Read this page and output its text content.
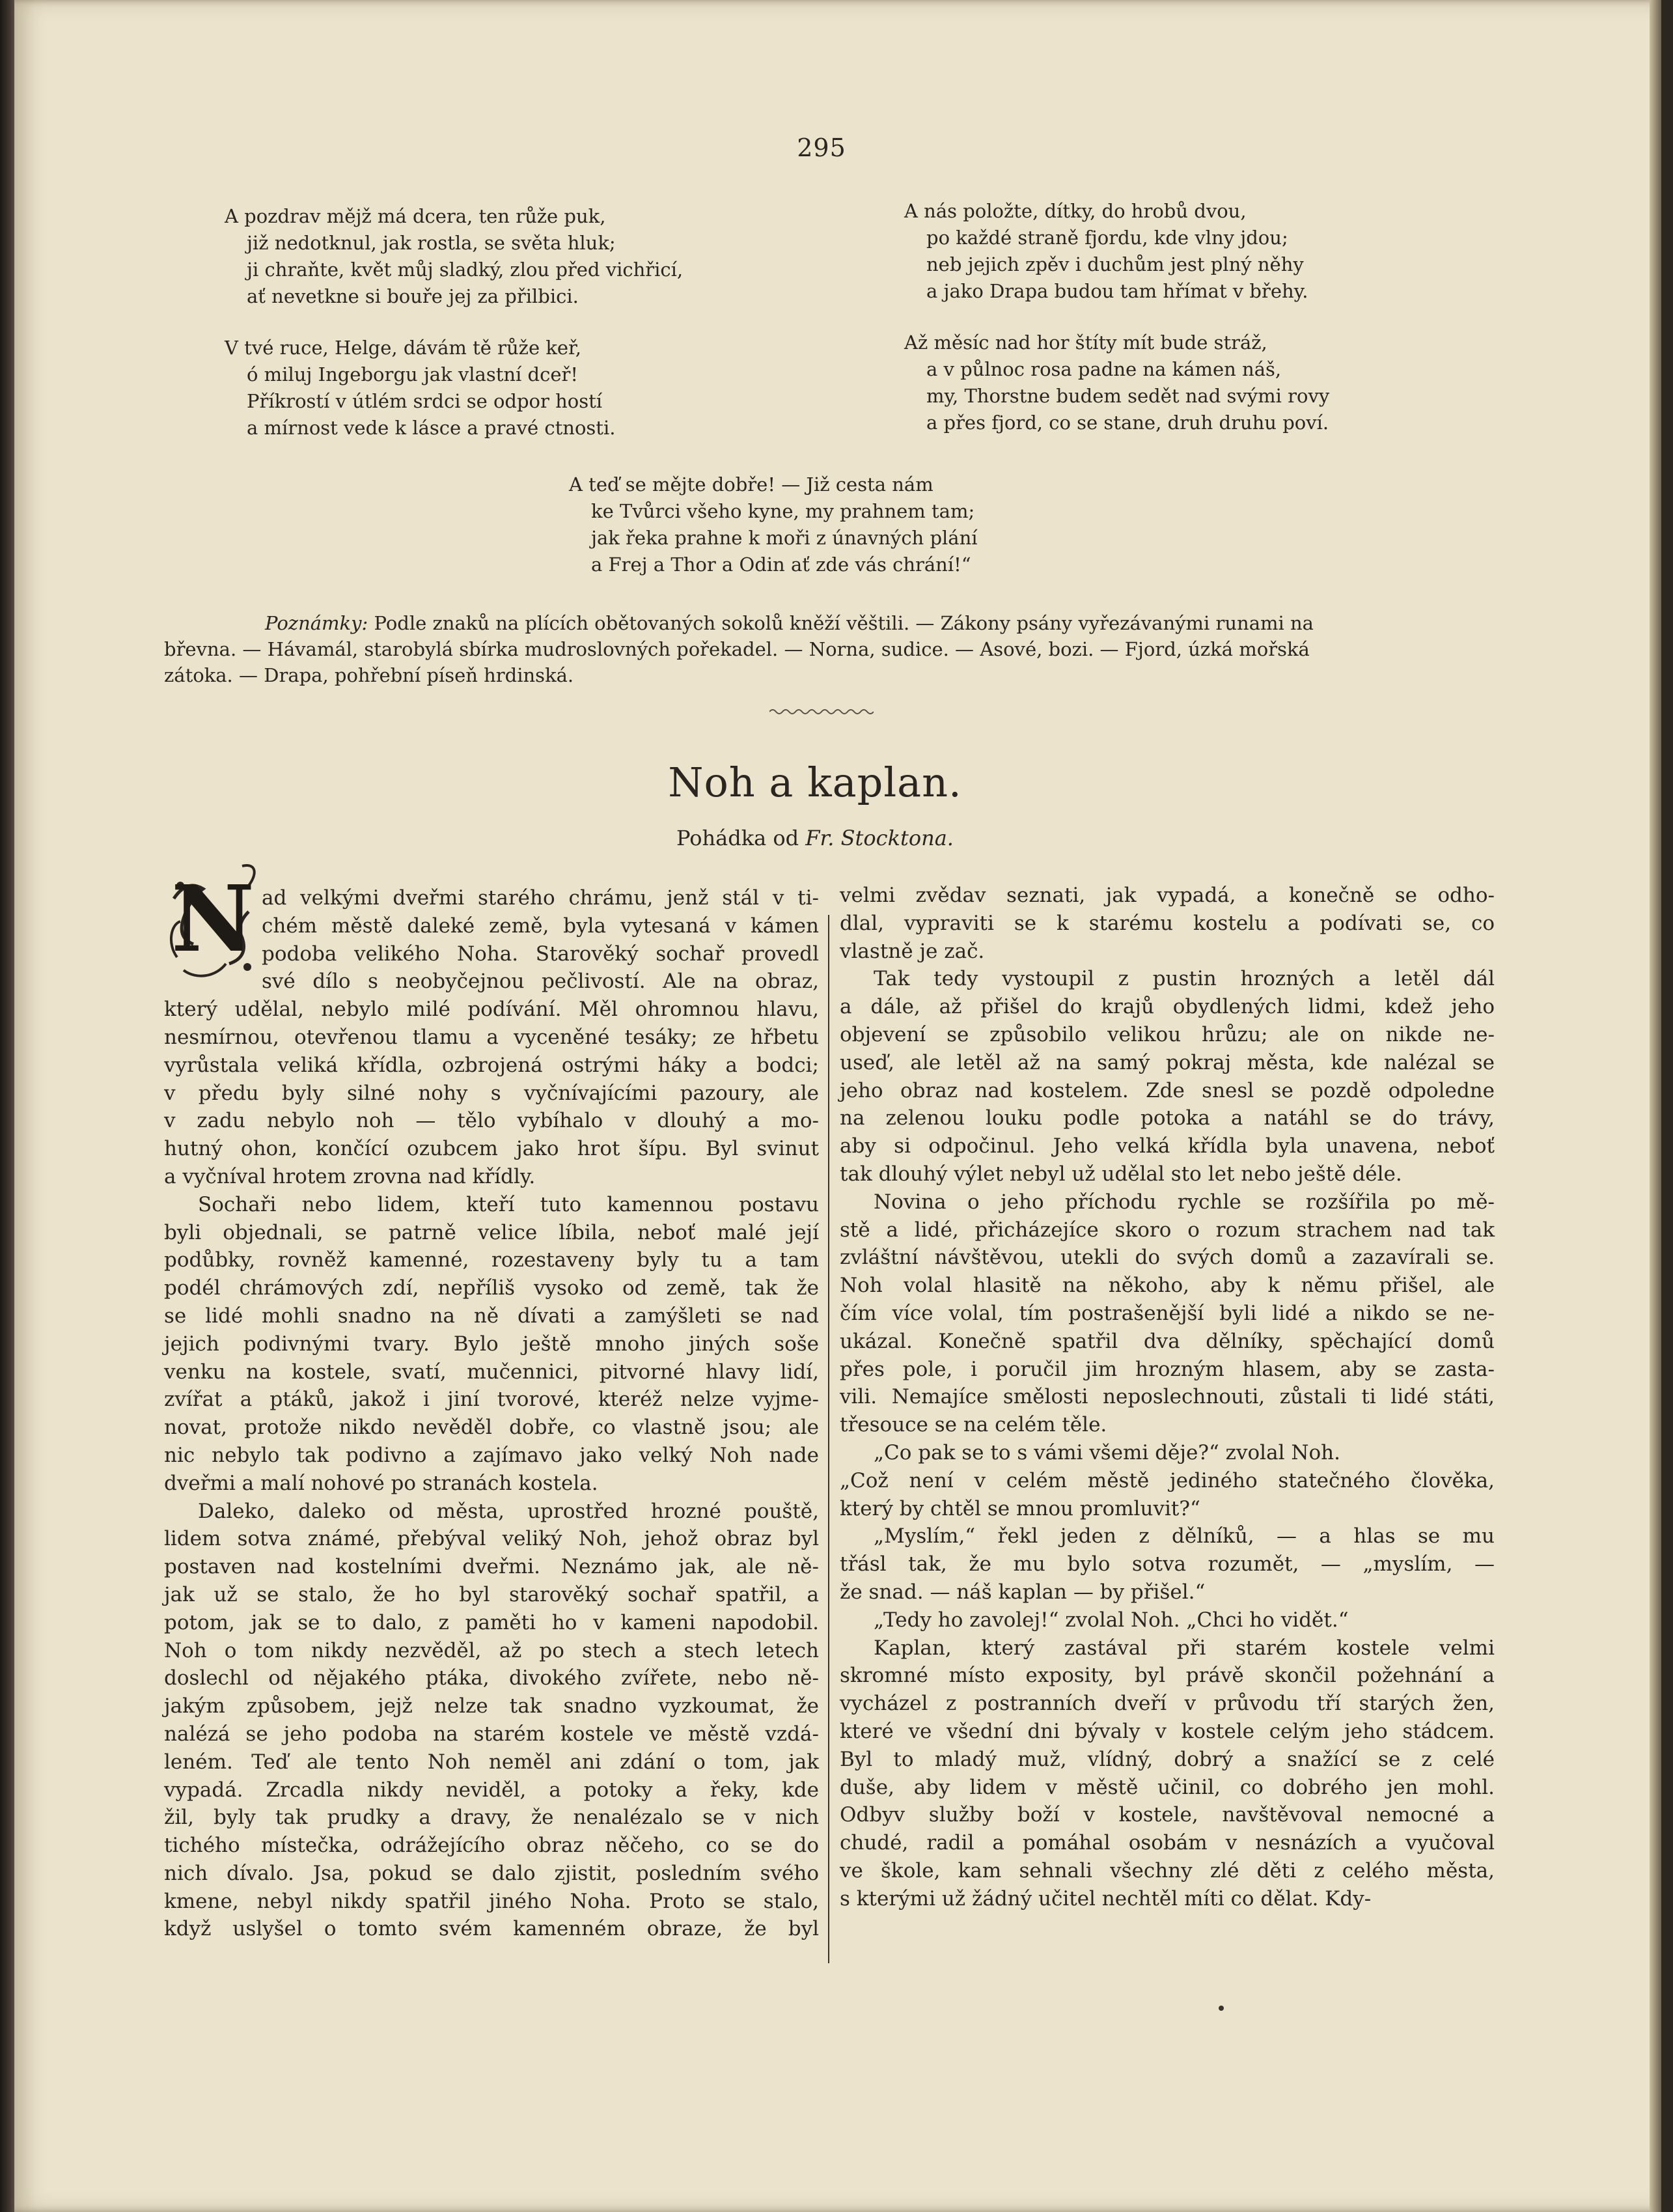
295
A pozdrav mějž má dcera, ten růže puk,
již nedotknul, jak rostla, se světa hluk;
ji chraňte, květ můj sladký, zlou před vichřicí,
ať nevetkne si bouře jej za přilbici.
V tvé ruce, Helge, dávám tě růže keř,
ó miluj Ingeborgu jak vlastní dceř!
Příkrostí v útlém srdci se odpor hostí
a mírnost vede k lásce a pravé ctnosti.
A nás položte, dítky, do hrobů dvou,
po každé straně fjordu, kde vlny jdou;
neb jejich zpěv i duchům jest plný něhy
a jako Drapa budou tam hřímat v břehy.
Až měsíc nad hor štíty mít bude stráž,
a v půlnoc rosa padne na kámen náš,
my, Thorstne budem sedět nad svými rovy
a přes fjord, co se stane, druh druhu poví.
A teď se mějte dobře! — Již cesta nám
ke Tvůrci všeho kyne, my prahnem tam;
jak řeka prahne k moři z únavných plání
a Frej a Thor a Odin ať zde vás chrání!“
Poznámky: Podle znaků na plících obětovaných sokolů kněží věštili. — Zákony psány vyřezávanými runami na
břevna. — Hávamál, starobylá sbírka mudroslovných pořekadel. — Norna, sudice. — Asové, bozi. — Fjord, úzká mořská
zátoka. — Drapa, pohřební píseň hrdinská.
Noh a kaplan.
Pohádka od Fr. Stocktona.
N ad velkými dveřmi starého chrámu, jenž stál v ti-
chém městě daleké země, byla vytesaná v kámen
podoba velikého Noha. Starověký sochař provedl
své dílo s neobyčejnou pečlivostí. Ale na obraz,
který udělal, nebylo milé podívání. Měl ohromnou hlavu,
nesmírnou, otevřenou tlamu a vyceněné tesáky; ze hřbetu
vyrůstala veliká křídla, ozbrojená ostrými háky a bodci;
v předu byly silné nohy s vyčnívajícími pazoury, ale
v zadu nebylo noh — tělo vybíhalo v dlouhý a mo-
hutný ohon, končící ozubcem jako hrot šípu. Byl svinut
a vyčníval hrotem zrovna nad křídly.
Sochaři nebo lidem, kteří tuto kamennou postavu
byli objednali, se patrně velice líbila, neboť malé její
podůbky, rovněž kamenné, rozestaveny byly tu a tam
podél chrámových zdí, nepříliš vysoko od země, tak že
se lidé mohli snadno na ně dívati a zamýšleti se nad
jejich podivnými tvary. Bylo ještě mnoho jiných soše
venku na kostele, svatí, mučennici, pitvorné hlavy lidí,
zvířat a ptáků, jakož i jiní tvorové, kteréž nelze vyjme-
novat, protože nikdo nevěděl dobře, co vlastně jsou; ale
nic nebylo tak podivno a zajímavo jako velký Noh nade
dveřmi a malí nohové po stranách kostela.
Daleko, daleko od města, uprostřed hrozné pouště,
lidem sotva známé, přebýval veliký Noh, jehož obraz byl
postaven nad kostelními dveřmi. Neznámo jak, ale ně-
jak už se stalo, že ho byl starověký sochař spatřil, a
potom, jak se to dalo, z paměti ho v kameni napodobil.
Noh o tom nikdy nezvěděl, až po stech a stech letech
doslechl od nějakého ptáka, divokého zvířete, nebo ně-
jakým způsobem, jejž nelze tak snadno vyzkoumat, že
nalézá se jeho podoba na starém kostele ve městě vzdá-
leném. Teď ale tento Noh neměl ani zdání o tom, jak
vypadá. Zrcadla nikdy neviděl, a potoky a řeky, kde
žil, byly tak prudky a dravy, že nenalézalo se v nich
tichého místečka, odrážejícího obraz něčeho, co se do
nich dívalo. Jsa, pokud se dalo zjistit, posledním svého
kmene, nebyl nikdy spatřil jiného Noha. Proto se stalo,
když uslyšel o tomto svém kamenném obraze, že byl
velmi zvědav seznati, jak vypadá, a konečně se odho-
dlal, vypraviti se k starému kostelu a podívati se, co
vlastně je zač.
Tak tedy vystoupil z pustin hrozných a letěl dál
a dále, až přišel do krajů obydlených lidmi, kdež jeho
objevení se způsobilo velikou hrůzu; ale on nikde ne-
useď, ale letěl až na samý pokraj města, kde nalézal se
jeho obraz nad kostelem. Zde snesl se pozdě odpoledne
na zelenou louku podle potoka a natáhl se do trávy,
aby si odpočinul. Jeho velká křídla byla unavena, neboť
tak dlouhý výlet nebyl už udělal sto let nebo ještě déle.
Novina o jeho příchodu rychle se rozšířila po mě-
stě a lidé, přicházejíce skoro o rozum strachem nad tak
zvláštní návštěvou, utekli do svých domů a zazavírali se.
Noh volal hlasitě na někoho, aby k němu přišel, ale
čím více volal, tím postrašenější byli lidé a nikdo se ne-
ukázal. Konečně spatřil dva dělníky, spěchající domů
přes pole, i poručil jim hrozným hlasem, aby se zasta-
vili. Nemajíce smělosti neposlechnouti, zůstali ti lidé státi,
třesouce se na celém těle.
„Co pak se to s vámi všemi děje?“ zvolal Noh.
„Což není v celém městě jediného statečného člověka,
který by chtěl se mnou promluvit?“
„Myslím,“ řekl jeden z dělníků, — a hlas se mu
třásl tak, že mu bylo sotva rozumět, — „myslím, —
že snad. — náš kaplan — by přišel.“
„Tedy ho zavolej!“ zvolal Noh. „Chci ho vidět.“
Kaplan, který zastával při starém kostele velmi
skromné místo exposity, byl právě skončil požehnání a
vycházel z postranních dveří v průvodu tří starých žen,
které ve všední dni bývaly v kostele celým jeho stádcem.
Byl to mladý muž, vlídný, dobrý a snažící se z celé
duše, aby lidem v městě učinil, co dobrého jen mohl.
Odbyv služby boží v kostele, navštěvoval nemocné a
chudé, radil a pomáhal osobám v nesnázích a vyučoval
ve škole, kam sehnali všechny zlé děti z celého města,
s kterými už žádný učitel nechtěl míti co dělat. Kdy-
